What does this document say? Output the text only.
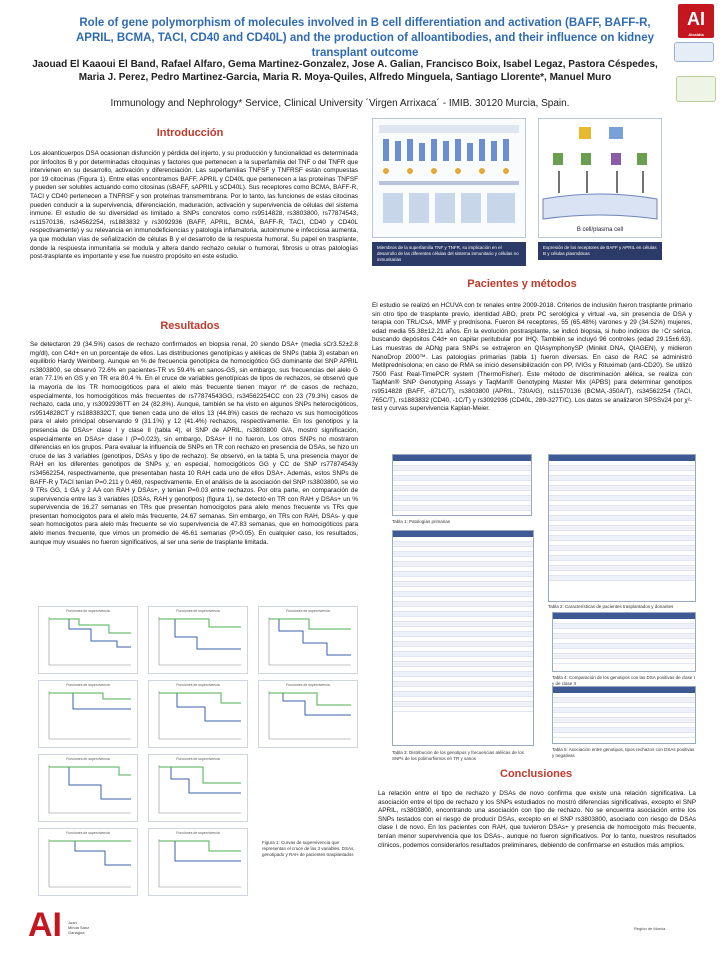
Role of gene polymorphism of molecules involved in B cell differentiation and activation (BAFF, BAFF-R, APRIL, BCMA, TACI, CD40 and CD40L) and the production of alloantibodies, and their influence on kidney transplant outcome
Jaouad El Kaaoui El Band, Rafael Alfaro, Gema Martinez-Gonzalez, Jose A. Galian, Francisco Boix, Isabel Legaz, Pastora Céspedes, Maria J. Perez, Pedro Martinez-Garcia, Maria R. Moya-Quiles, Alfredo Minguela, Santiago Llorente*, Manuel Muro
Immunology and Nephrology* Service, Clinical University ´Virgen Arrixaca´ - IMIB. 30120 Murcia, Spain.
AI
Alcaldía
Introducción
Los aloanticuerpos DSA ocasionan disfunción y pérdida del injerto, y su producción y funcionalidad es determinada por linfocitos B y por determinadas citoquinas y factores que pertenecen a la superfamilia del TNF o del TNFR que intervienen en su desarrollo, activación y diferenciación. Las superfamilias TNFSF y TNFRSF están compuestas por 19 citocinas (Figura 1). Entre ellas encontramos BAFF, APRIL y CD40L que pertenecen a las proteínas TNFSF y pueden ser solubles actuando como citosinas (sBAFF, sAPRIL y sCD40L). Sus receptores como BCMA, BAFF-R, TACI y CD40 pertenecen a TNFRSF y son proteínas transmembrana. Por lo tanto, las funciones de estas citocinas pueden conducir a la supervivencia, diferenciación, maduración, activación y supervivencia de células del sistema inmune. El estudio de su diversidad es limitado a SNPs concretos como rs9514828, rs3803800, rs77874543, rs11570136, rs34562254, rs1883832 y rs3092936 (BAFF, APRIL, BCMA, BAFF-R, TACI, CD40 y CD40L respectivamente) y su relevancia en inmunodeficiencias y patología inflamatoria, autoinmune e infecciosa aumenta, ya que modulan vías de señalización de células B y el desarrollo de la respuesta humoral. Su papel en trasplante, donde la respuesta inmunitaria se modula y altera dando rechazo celular o humoral, fibrosis u otras patologías post-trasplante es importante y ese fue nuestro propósito en este estudio.
Miembros de la superfamilia TNF y TNFR, su implicación en el desarrollo de las diferentes células del sistema inmunitario y células no inmunitarias
B cell/plasma cell
Expresión de los receptores de BAFF y APRIL en células B y células plasmáticas
Resultados
Se detectaron 29 (34.5%) casos de rechazo confirmados en biopsia renal, 20 siendo DSA+ (media sCr3.52±2.8 mg/dl), con C4d+ en un porcentaje de ellos. Las distribuciones genotípicas y alélicas de SNPs (tabla 3) estaban en equilibrio Hardy Weinberg. Aunque en % de frecuencia genotípica de homocigótico GG dominante del SNP APRIL rs3803800, se observó 72.6% en pacientes-TR vs 59.4% en sanos-GS, sin embargo, sus frecuencias del alelo G eran 77.1% en GS y en TR era 80.4 %. En el cruce de variables genotípicas de tipos de rechazos, se observó que la mayoría de los TR homocigóticos para el alelo más frecuente tienen mayor nº de casos de rechazo, especialmente, los homocigóticos más frecuentes de rs77874543GG, rs34562254CC con 23 (79.3%) casos de rechazo, cada uno, y rs3092936TT en 24 (82.8%). Aunque, también se ha visto en algunos SNPs heterocigóticos, rs9514828CT y rs1883832CT, que tienen cada uno de ellos 13 (44.8%) casos de rechazo vs sus homocigóticos para el alelo principal observando 9 (31.1%) y 12 (41.4%) rechazos, respectivamente. En los genotipos y la presencia de DSAs+ clase I y clase II (tabla 4), el SNP de APRIL, rs3803800 G/A, mostró significación, especialmente en DSAs+ clase I (P=0.023), sin embargo, DSAs+ II no fueron. Los otros SNPs no mostraron diferencias en los grupos. Para evaluar la influencia de SNPs en TR con rechazo en presencia de DSAs, se hizo un cruce de las 3 variables (genotipos, DSAs y tipo de rechazo). Se observó, en la tabla 5, una presencia mayor de RAH en los diferentes genotipos de SNPs y, en especial, homocigóticos GG y CC de SNP rs77874543y rs34562254, respectivamente, que presentaban hasta 10 RAH cada uno de ellos DSA+. Además, estos SNPs de BAFF-R y TACI tenían P=0.211 y 0.469, respectivamente. En el análisis de la asociación del SNP rs3803800, se vio 9 TRs GG, 1 GA y 2 AA con RAH y DSAs+, y tenían P=0.03 entre rechazos. Por otra parte, en comparación de supervivencia entre las 3 variables (DSAs, RAH y genotipos) (figura 1), se detectó en TR con RAH y DSAs+ un % supervivencia de 16.27 semanas en TRs que presentan homocigotos para alelo menos frecuente vs TRs que presentan homocigotos para el alelo más frecuente, 24.67 semanas. Sin embargo, en TRs con RAH, DSAs- y que sean homocigotos para alelo más frecuente se vio supervivencia de 47.83 semanas, que en homocigóticos para alelo menos frecuente, que vimos un promedio de 46.61 semanas (P>0.05). En cualquier caso, los resultados, aunque muy visuales no fueron significativos, al ser una serie de trasplante limitada.
Pacientes y métodos
El estudio se realizó en HCUVA con tx renales entre 2009-2018. Criterios de inclusión fueron trasplante primario sin otro tipo de trasplante previo, identidad ABO, pretx PC serológica y virtual -va, sin presencia de DSA y terapia con TRL/CsA, MMF y prednisona. Fueron 84 receptores, 55 (65.48%) varones y 29 (34.52%) mujeres, edad media 55.38±12.21 años. En la evolución postrasplante, se indicó biopsia, si hubo indicios de ↑Cr sérica, buscando depósitos C4d+ en capilar peritubular por IHQ. También se incluyó 96 controles (edad 29.15±6.63). Las muestras de ADNg para SNPs se extrajeron en QIAsymphonySP (Minikit DNA, QIAGEN), y midieron NanoDrop 2000™. Las patologías primarias (tabla 1) fueron diversas. En caso de RAC se administró Metilprednisolona; en caso de RMA se inició desensibilización con PP, IVIGs y Rituximab (anti-CD20). Se utilizó 7500 Fast Real-TimePCR system (ThermoFisher). Este método de discriminación alélica, se realiza con TaqMan® SNP Genotyping Assays y TaqMan® Genotyping Master Mix (APBS) para determinar genotipos rs9514828 (BAFF, -871C/T), rs3803800 (APRIL, 730A/G), rs11570136 (BCMA,-350A/T), rs34562254 (TACI, 765C/T), rs1883832 (CD40, -1C/T) y rs3092936 (CD40L, 289-327T/C). Los datos se analizaron SPSSv24 por χ²-test y curvas supervivencia Kaplan-Meier.
Tabla 1: Patologías primarias
Tabla 2: Características de pacientes trasplantados y donantes
Tabla 3: Distribución de los genotipos y frecuencias alélicas de los SNPs de los polimorfismos en TR y sanos
Tabla 4: Comparación de los genotipos con las DSA positivas de clase I y de clase II
Tabla 5: Asociación entre genotipos, tipos rechazos con DSAs positivas y negativas
Funciones de supervivencia	Funciones de supervivencia	Funciones de supervivencia
Funciones de supervivencia	Funciones de supervivencia	Funciones de supervivencia
Funciones de supervivencia	Funciones de supervivencia
Funciones de supervivencia	Funciones de supervivencia
Figura 1: Curvas de supervivencia que representan el cruce de las 3 variables, DSAs, genotipado y RAH de pacientes trasplantados
Conclusiones
La relación entre el tipo de rechazo y DSAs de novo confirma que existe una relación significativa. La asociación entre el tipo de rechazo y los SNPs estudiados no mostró diferencias significativas, excepto el SNP APRIL, rs3803800, encontrando una asociación con tipo de rechazo. No se encuentra asociación entre los SNPs testados con el riesgo de producir DSAs, excepto en el SNP rs3803800, asociado con riesgo de DSAs clase I de novo. En los pacientes con RAH, que tuvieron DSAs+ y presencia de homocigoto más frecuente, tenían menor supervivencia que los DSAs-, aunque no fueron significativos. Por lo tanto, nuestros resultados clínicos, podemos considerarlos resultados preliminares, debiendo de confirmarse en estudios más amplios.
AI Juan
Minda Sanz
Ganagua
Región de Murcia
